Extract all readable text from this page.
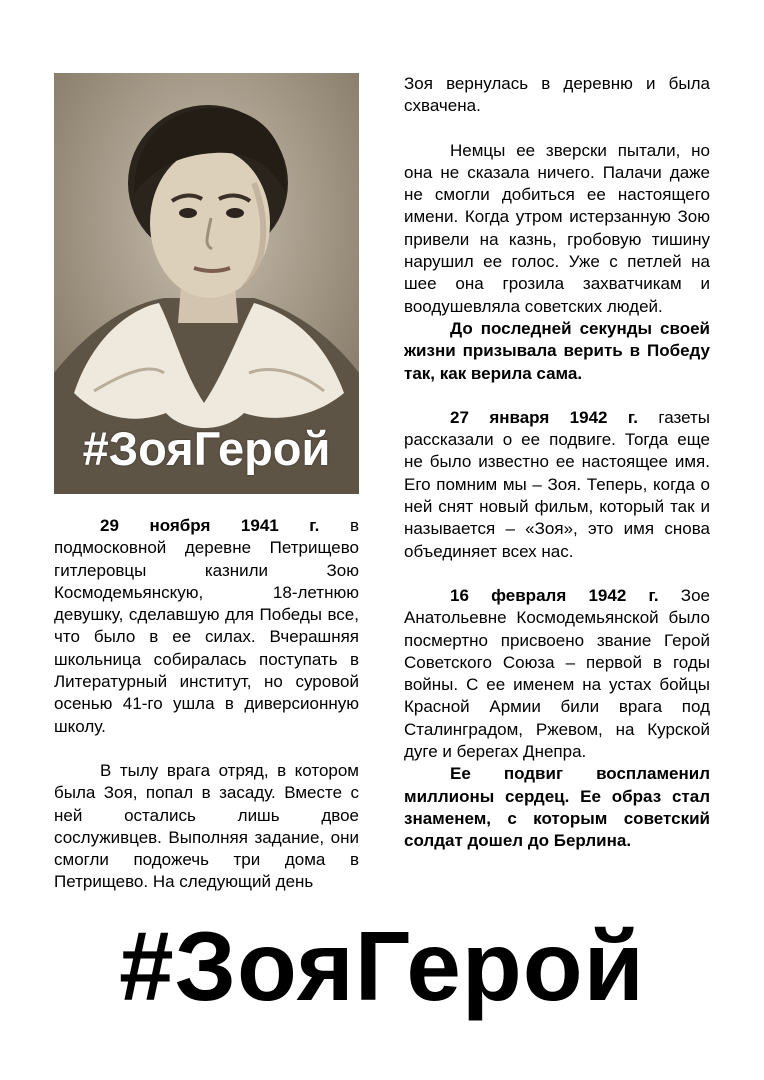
#ЗояГерой

29 ноября 1941 г. в подмосковной деревне Петрищево гитлеровцы казнили Зою Космодемьянскую, 18-летнюю девушку, сделавшую для Победы все, что было в ее силах. Вчерашняя школьница собиралась поступать в Литературный институт, но суровой осенью 41-го ушла в диверсионную школу.

В тылу врага отряд, в котором была Зоя, попал в засаду. Вместе с ней остались лишь двое сослуживцев. Выполняя задание, они смогли подожечь три дома в Петрищево. На следующий день

Зоя вернулась в деревню и была схвачена.

Немцы ее зверски пытали, но она не сказала ничего. Палачи даже не смогли добиться ее настоящего имени. Когда утром истерзанную Зою привели на казнь, гробовую тишину нарушил ее голос. Уже с петлей на шее она грозила захватчикам и воодушевляла советских людей.

До последней секунды своей жизни призывала верить в Победу так, как верила сама.

27 января 1942 г. газеты рассказали о ее подвиге. Тогда еще не было известно ее настоящее имя. Его помним мы – Зоя. Теперь, когда о ней снят новый фильм, который так и называется – «Зоя», это имя снова объединяет всех нас.

16 февраля 1942 г. Зое Анатольевне Космодемьянской было посмертно присвоено звание Герой Советского Союза – первой в годы войны. С ее именем на устах бойцы Красной Армии били врага под Сталинградом, Ржевом, на Курской дуге и берегах Днепра.

Ее подвиг воспламенил миллионы сердец. Ее образ стал знаменем, с которым советский солдат дошел до Берлина.

#ЗояГерой
